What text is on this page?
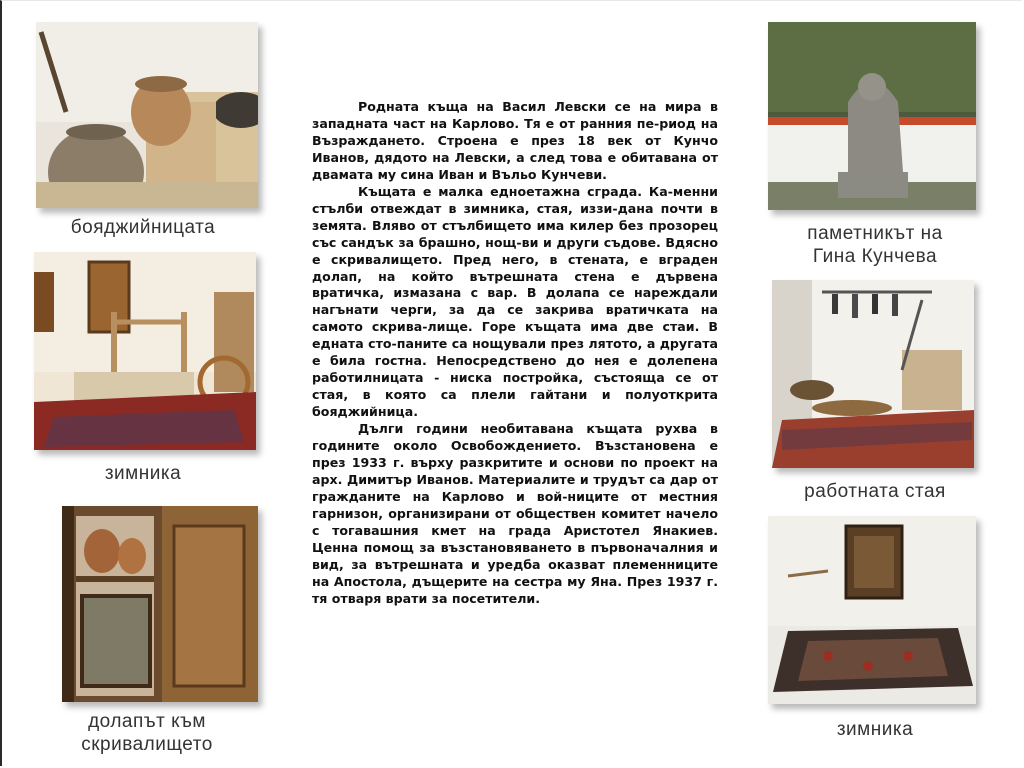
бояджийницата
зимника
долапът към
скривалището

Родната къща на Васил Левски се на мира в западната част на Карлово. Тя е от ранния пе-риод на Възраждането. Строена е през 18 век от Кунчо Иванов, дядото на Левски, а след това е обитавана от двамата му сина Иван и Въльо Кунчеви.

Къщата е малка едноетажна сграда. Ка-менни стълби отвеждат в зимника, стая, иззи-дана почти в земята. Вляво от стълбището има килер без прозорец със сандък за брашно, нощ-ви и други съдове. Вдясно е скривалището. Пред него, в стената, е вграден долап, на който вътрешната стена е дървена вратичка, измазана с вар. В долапа се нареждали нагънати черги, за да се закрива вратичката на самото скрива-лище. Горе къщата има две стаи. В едната сто-паните са нощували през лятото, а другата е била гостна. Непосредствено до нея е долепена работилницата - ниска постройка, състояща се от стая, в която са плели гайтани и полуоткрита бояджийница.

Дълги години необитавана къщата рухва в годините около Освобождението. Възстановена е през 1933 г. върху разкритите и основи по проект на арх. Димитър Иванов. Материалите и трудът са дар от гражданите на Карлово и вой-ниците от местния гарнизон, организирани от обществен комитет начело с тогавашния кмет на града Аристотел Янакиев. Ценна помощ за възстановяването в първоначалния и вид, за вътрешната и уредба оказват племенниците на Апостола, дъщерите на сестра му Яна. През 1937 г. тя отваря врати за посетители.

паметникът на
Гина Кунчева
работната стая
зимника
